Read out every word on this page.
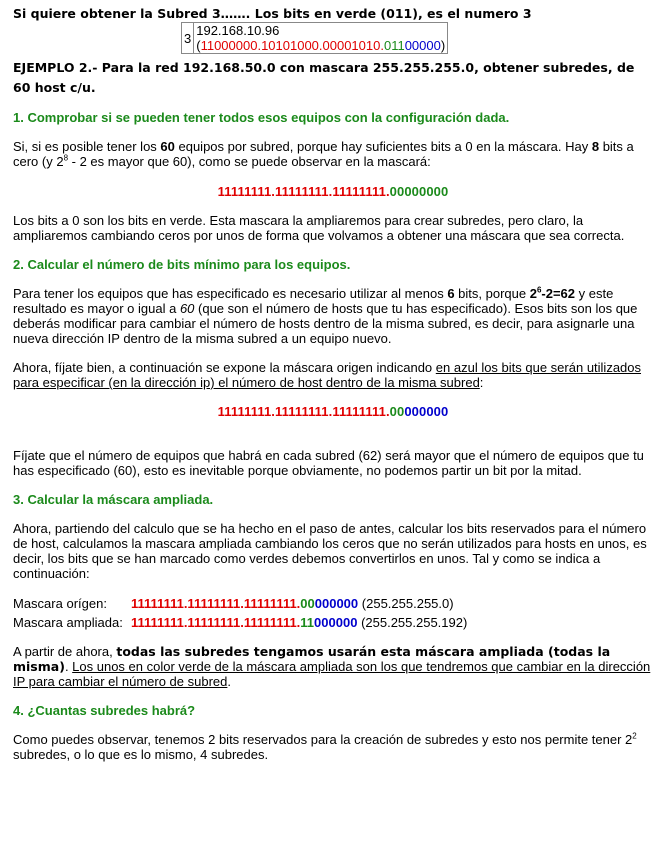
Si quiere obtener la Subred 3……. Los bits en verde (011), es el numero 3
3	192.168.10.96
(11000000.10101000.00001010.01100000)
EJEMPLO 2.- Para la red 192.168.50.0 con mascara 255.255.255.0, obtener subredes, de 60 host c/u.
1. Comprobar si se pueden tener todos esos equipos con la configuración dada.

Si, si es posible tener los 60 equipos por subred, porque hay suficientes bits a 0 en la máscara. Hay 8 bits a cero (y $2^8 - 2$ es mayor que 60), como se puede observar en la mascará:

11111111.11111111.11111111.00000000

Los bits a 0 son los bits en verde. Esta mascara la ampliaremos para crear subredes, pero claro, la ampliaremos cambiando ceros por unos de forma que volvamos a obtener una máscara que sea correcta.

2. Calcular el número de bits mínimo para los equipos.

Para tener los equipos que has especificado es necesario utilizar al menos 6 bits, porque $2^6-2=62$ y este resultado es mayor o igual a 60 (que son el número de hosts que tu has especificado). Esos bits son los que deberás modificar para cambiar el número de hosts dentro de la misma subred, es decir, para asignarle una nueva dirección IP dentro de la misma subred a un equipo nuevo.

Ahora, fíjate bien, a continuación se expone la máscara origen indicando en azul los bits que serán utilizados para especificar (en la dirección ip) el número de host dentro de la misma subred:

11111111.11111111.11111111.00000000

Fíjate que el número de equipos que habrá en cada subred (62) será mayor que el número de equipos que tu has especificado (60), esto es inevitable porque obviamente, no podemos partir un bit por la mitad.

3. Calcular la máscara ampliada.

Ahora, partiendo del calculo que se ha hecho en el paso de antes, calcular los bits reservados para el número de host, calculamos la mascara ampliada cambiando los ceros que no serán utilizados para hosts en unos, es decir, los bits que se han marcado como verdes debemos convertirlos en unos. Tal y como se indica a continuación:

Mascara orígen: 11111111.11111111.11111111.00000000 (255.255.255.0)
Mascara ampliada: 11111111.11111111.11111111.11000000 (255.255.255.192)

A partir de ahora, todas las subredes tengamos usarán esta máscara ampliada (todas la misma). Los unos en color verde de la máscara ampliada son los que tendremos que cambiar en la dirección IP para cambiar el número de subred.

4. ¿Cuantas subredes habrá?

Como puedes observar, tenemos 2 bits reservados para la creación de subredes y esto nos permite tener $2^2$ subredes, o lo que es lo mismo, 4 subredes.
